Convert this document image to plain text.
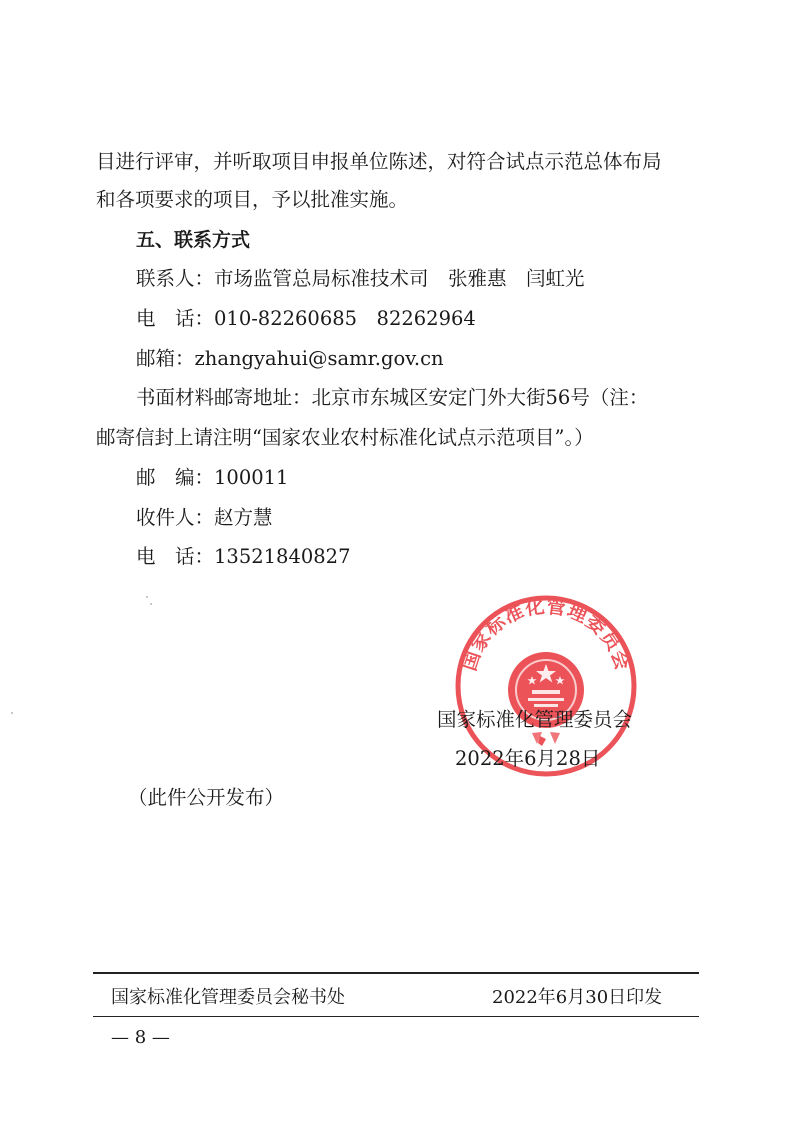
目进行评审，并听取项目申报单位陈述，对符合试点示范总体布局
和各项要求的项目，予以批准实施。
五、联系方式
联系人：市场监管总局标准技术司　张雅惠　闫虹光
电　话：010-82260685　82262964
邮箱：zhangyahui@samr.gov.cn
书面材料邮寄地址：北京市东城区安定门外大街56号（注：
邮寄信封上请注明“国家农业农村标准化试点示范项目”。）
邮　编：100011
收件人：赵方慧
电　话：13521840827
国家标准化管理委员会
国家标准化管理委员会
2022年6月28日
（此件公开发布）
国家标准化管理委员会秘书处	2022年6月30日印发
— 8 —
